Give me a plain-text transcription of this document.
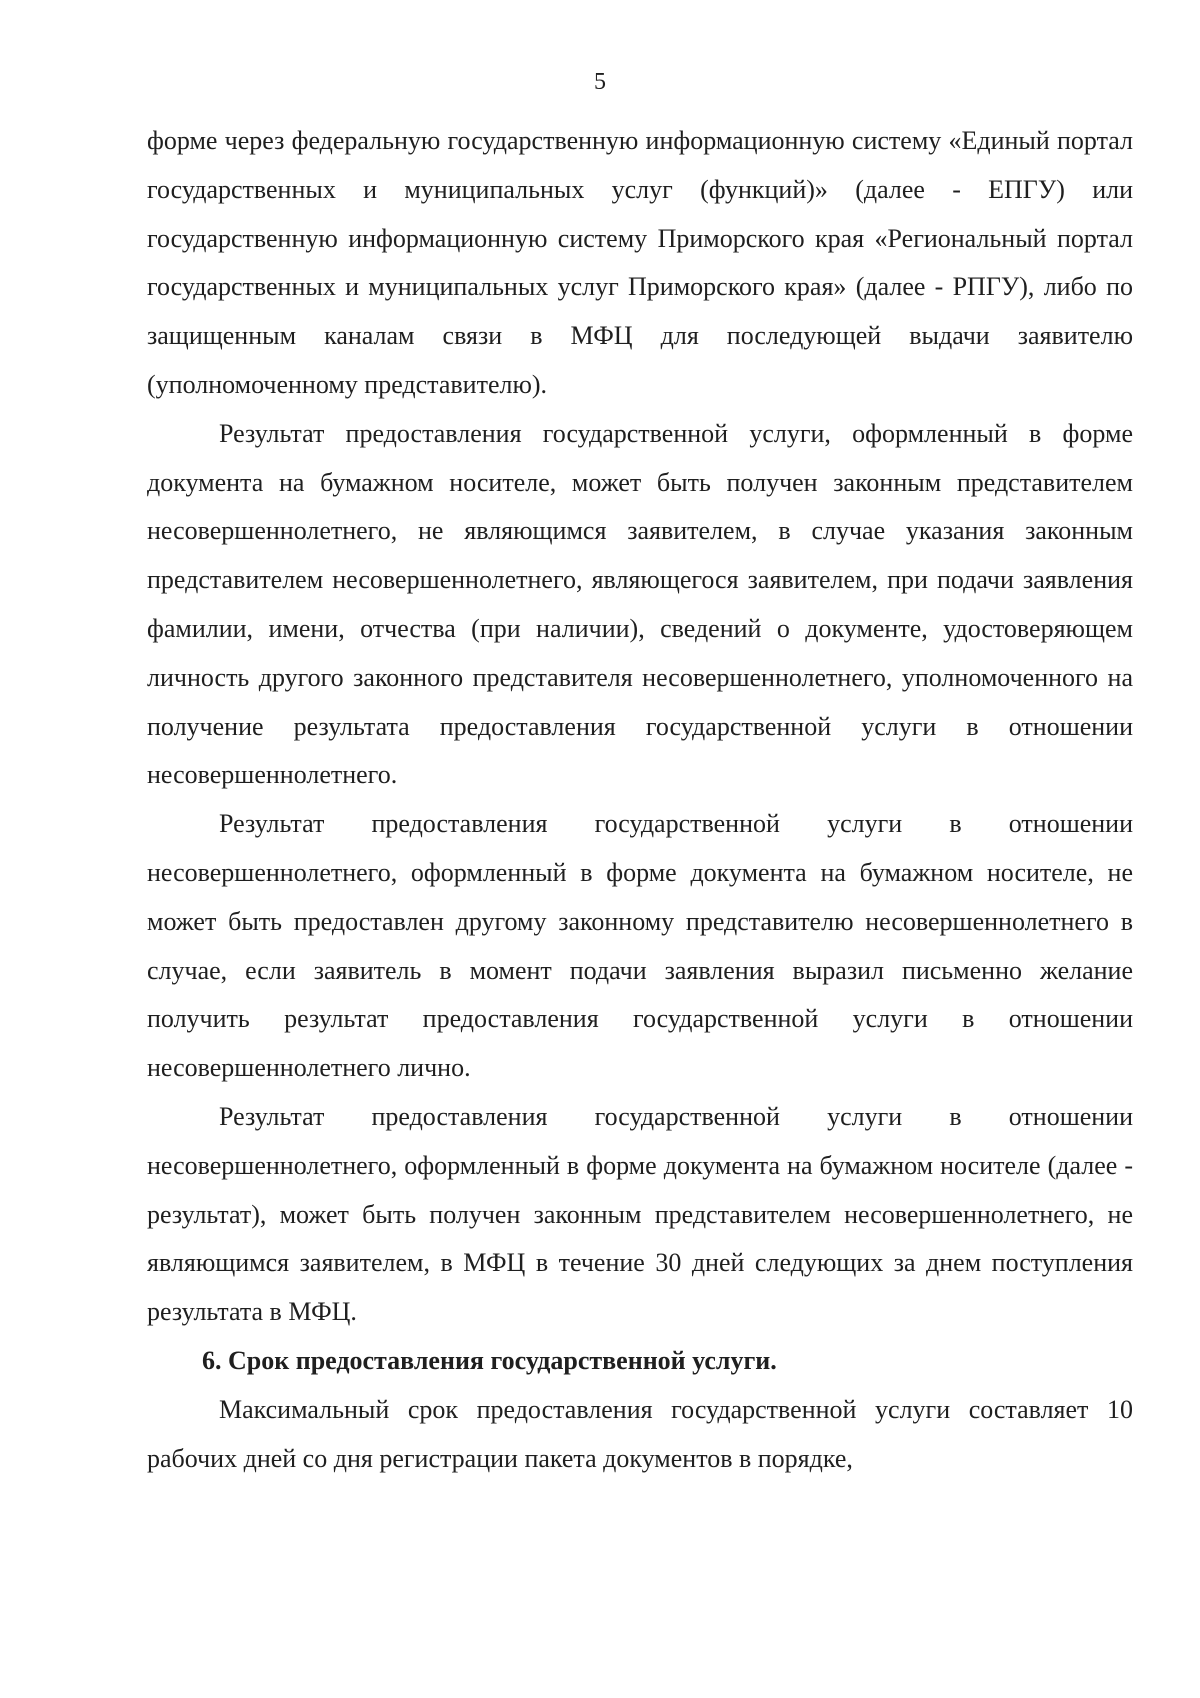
5

форме через федеральную государственную информационную систему «Единый портал государственных и муниципальных услуг (функций)» (далее - ЕПГУ) или государственную информационную систему Приморского края «Региональный портал государственных и муниципальных услуг Приморского края» (далее - РПГУ), либо по защищенным каналам связи в МФЦ для последующей выдачи заявителю (уполномоченному представителю).

Результат предоставления государственной услуги, оформленный в форме документа на бумажном носителе, может быть получен законным представителем несовершеннолетнего, не являющимся заявителем, в случае указания законным представителем несовершеннолетнего, являющегося заявителем, при подачи заявления фамилии, имени, отчества (при наличии), сведений о документе, удостоверяющем личность другого законного представителя несовершеннолетнего, уполномоченного на получение результата предоставления государственной услуги в отношении несовершеннолетнего.

Результат предоставления государственной услуги в отношении несовершеннолетнего, оформленный в форме документа на бумажном носителе, не может быть предоставлен другому законному представителю несовершеннолетнего в случае, если заявитель в момент подачи заявления выразил письменно желание получить результат предоставления государственной услуги в отношении несовершеннолетнего лично.

Результат предоставления государственной услуги в отношении несовершеннолетнего, оформленный в форме документа на бумажном носителе (далее - результат), может быть получен законным представителем несовершеннолетнего, не являющимся заявителем, в МФЦ в течение 30 дней следующих за днем поступления результата в МФЦ.

6. Срок предоставления государственной услуги.

Максимальный срок предоставления государственной услуги составляет 10 рабочих дней со дня регистрации пакета документов в порядке,
